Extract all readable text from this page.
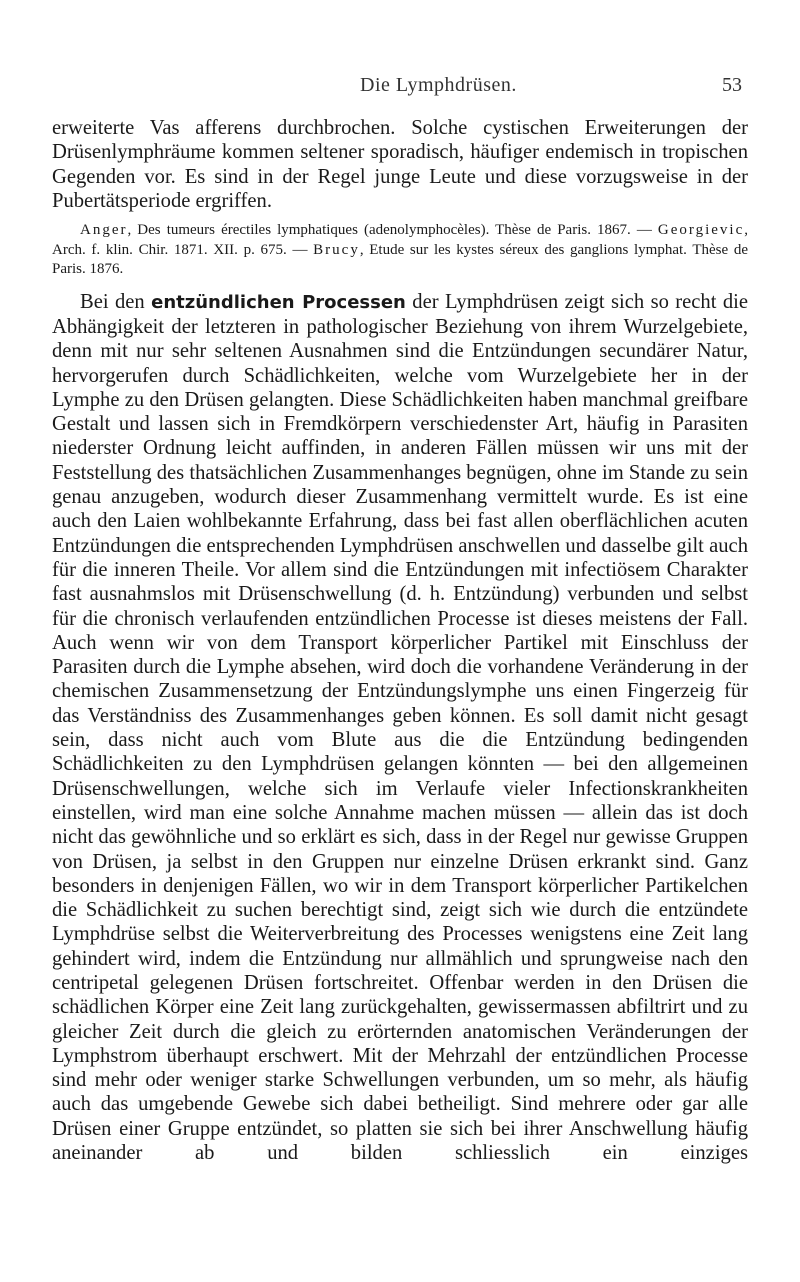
Die Lymphdrüsen.	53

erweiterte Vas afferens durchbrochen. Solche cystischen Erweiterungen der Drüsenlymphräume kommen seltener sporadisch, häufiger endemisch in tropischen Gegenden vor. Es sind in der Regel junge Leute und diese vorzugsweise in der Pubertätsperiode ergriffen.

Anger, Des tumeurs érectiles lymphatiques (adenolymphocèles). Thèse de Paris. 1867. — Georgievic, Arch. f. klin. Chir. 1871. XII. p. 675. — Brucy, Etude sur les kystes séreux des ganglions lymphat. Thèse de Paris. 1876.

Bei den entzündlichen Processen der Lymphdrüsen zeigt sich so recht die Abhängigkeit der letzteren in pathologischer Beziehung von ihrem Wurzelgebiete, denn mit nur sehr seltenen Ausnahmen sind die Entzündungen secundärer Natur, hervorgerufen durch Schädlichkeiten, welche vom Wurzelgebiete her in der Lymphe zu den Drüsen gelangten. Diese Schädlichkeiten haben manchmal greifbare Gestalt und lassen sich in Fremdkörpern verschiedenster Art, häufig in Parasiten niederster Ordnung leicht auffinden, in anderen Fällen müssen wir uns mit der Feststellung des thatsächlichen Zusammenhanges begnügen, ohne im Stande zu sein genau anzugeben, wodurch dieser Zusammenhang vermittelt wurde. Es ist eine auch den Laien wohlbekannte Erfahrung, dass bei fast allen oberflächlichen acuten Entzündungen die entsprechenden Lymphdrüsen anschwellen und dasselbe gilt auch für die inneren Theile. Vor allem sind die Entzündungen mit infectiösem Charakter fast ausnahmslos mit Drüsenschwellung (d. h. Entzündung) verbunden und selbst für die chronisch verlaufenden entzündlichen Processe ist dieses meistens der Fall. Auch wenn wir von dem Transport körperlicher Partikel mit Einschluss der Parasiten durch die Lymphe absehen, wird doch die vorhandene Veränderung in der chemischen Zusammensetzung der Entzündungslymphe uns einen Fingerzeig für das Verständniss des Zusammenhanges geben können. Es soll damit nicht gesagt sein, dass nicht auch vom Blute aus die die Entzündung bedingenden Schädlichkeiten zu den Lymphdrüsen gelangen könnten — bei den allgemeinen Drüsenschwellungen, welche sich im Verlaufe vieler Infectionskrankheiten einstellen, wird man eine solche Annahme machen müssen — allein das ist doch nicht das gewöhnliche und so erklärt es sich, dass in der Regel nur gewisse Gruppen von Drüsen, ja selbst in den Gruppen nur einzelne Drüsen erkrankt sind. Ganz besonders in denjenigen Fällen, wo wir in dem Transport körperlicher Partikelchen die Schädlichkeit zu suchen berechtigt sind, zeigt sich wie durch die entzündete Lymphdrüse selbst die Weiterverbreitung des Processes wenigstens eine Zeit lang gehindert wird, indem die Entzündung nur allmählich und sprungweise nach den centripetal gelegenen Drüsen fortschreitet. Offenbar werden in den Drüsen die schädlichen Körper eine Zeit lang zurückgehalten, gewissermassen abfiltrirt und zu gleicher Zeit durch die gleich zu erörternden anatomischen Veränderungen der Lymphstrom überhaupt erschwert. Mit der Mehrzahl der entzündlichen Processe sind mehr oder weniger starke Schwellungen verbunden, um so mehr, als häufig auch das umgebende Gewebe sich dabei betheiligt. Sind mehrere oder gar alle Drüsen einer Gruppe entzündet, so platten sie sich bei ihrer Anschwellung häufig aneinander ab und bilden schliesslich ein einziges
